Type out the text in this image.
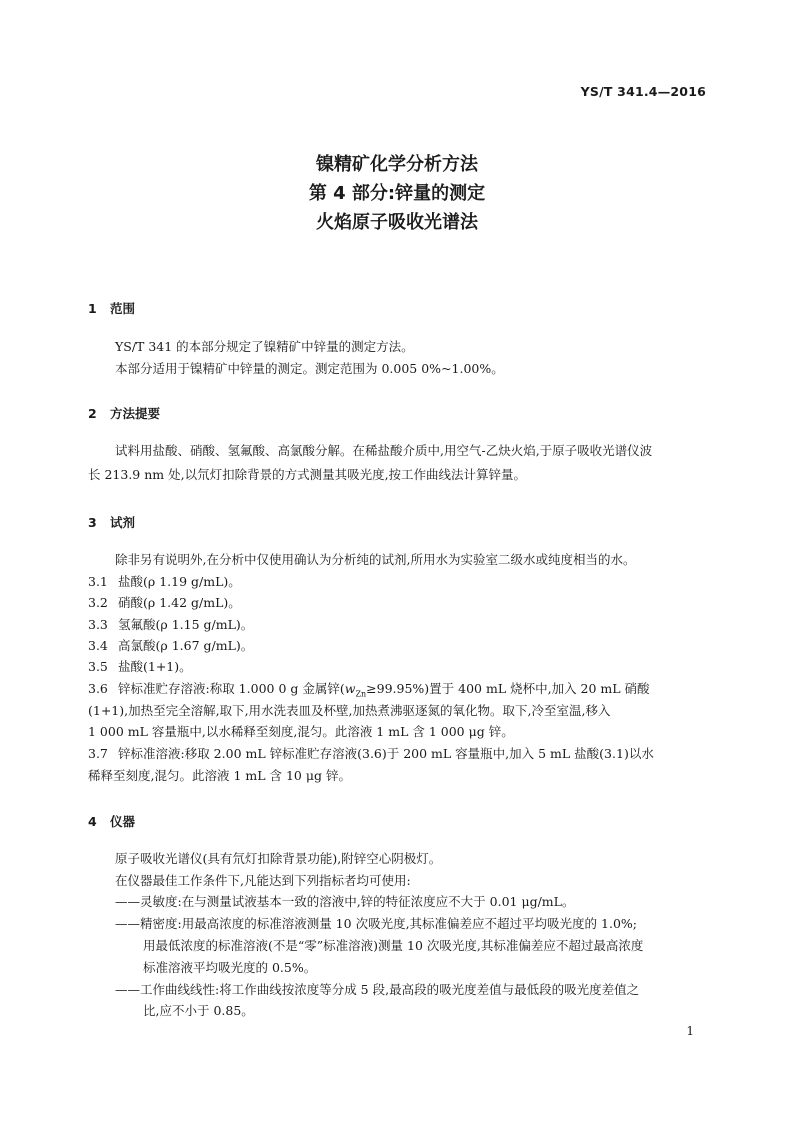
YS/T 341.4—2016
镍精矿化学分析方法
第 4 部分:锌量的测定
火焰原子吸收光谱法
1 范围
YS/T 341 的本部分规定了镍精矿中锌量的测定方法。
本部分适用于镍精矿中锌量的测定。测定范围为 0.005 0%~1.00%。
2 方法提要
试料用盐酸、硝酸、氢氟酸、高氯酸分解。在稀盐酸介质中,用空气-乙炔火焰,于原子吸收光谱仪波
长 213.9 nm 处,以氘灯扣除背景的方式测量其吸光度,按工作曲线法计算锌量。
3 试剂
除非另有说明外,在分析中仅使用确认为分析纯的试剂,所用水为实验室二级水或纯度相当的水。
3.1 盐酸(ρ 1.19 g/mL)。
3.2 硝酸(ρ 1.42 g/mL)。
3.3 氢氟酸(ρ 1.15 g/mL)。
3.4 高氯酸(ρ 1.67 g/mL)。
3.5 盐酸(1+1)。
3.6 锌标准贮存溶液:称取 1.000 0 g 金属锌$(w_{Zn}\ge 99.95\%)$置于 400 mL 烧杯中,加入 20 mL 硝酸
(1+1),加热至完全溶解,取下,用水洗表皿及杯壁,加热煮沸驱逐氮的氧化物。取下,冷至室温,移入
1 000 mL 容量瓶中,以水稀释至刻度,混匀。此溶液 1 mL 含 1 000 μg 锌。
3.7 锌标准溶液:移取 2.00 mL 锌标准贮存溶液(3.6)于 200 mL 容量瓶中,加入 5 mL 盐酸(3.1)以水
稀释至刻度,混匀。此溶液 1 mL 含 10 μg 锌。
4 仪器
原子吸收光谱仪(具有氘灯扣除背景功能),附锌空心阴极灯。
在仪器最佳工作条件下,凡能达到下列指标者均可使用:
——灵敏度:在与测量试液基本一致的溶液中,锌的特征浓度应不大于 0.01 μg/mL。
——精密度:用最高浓度的标准溶液测量 10 次吸光度,其标准偏差应不超过平均吸光度的 1.0%;
用最低浓度的标准溶液(不是“零”标准溶液)测量 10 次吸光度,其标准偏差应不超过最高浓度
标准溶液平均吸光度的 0.5%。
——工作曲线线性:将工作曲线按浓度等分成 5 段,最高段的吸光度差值与最低段的吸光度差值之
比,应不小于 0.85。
1
